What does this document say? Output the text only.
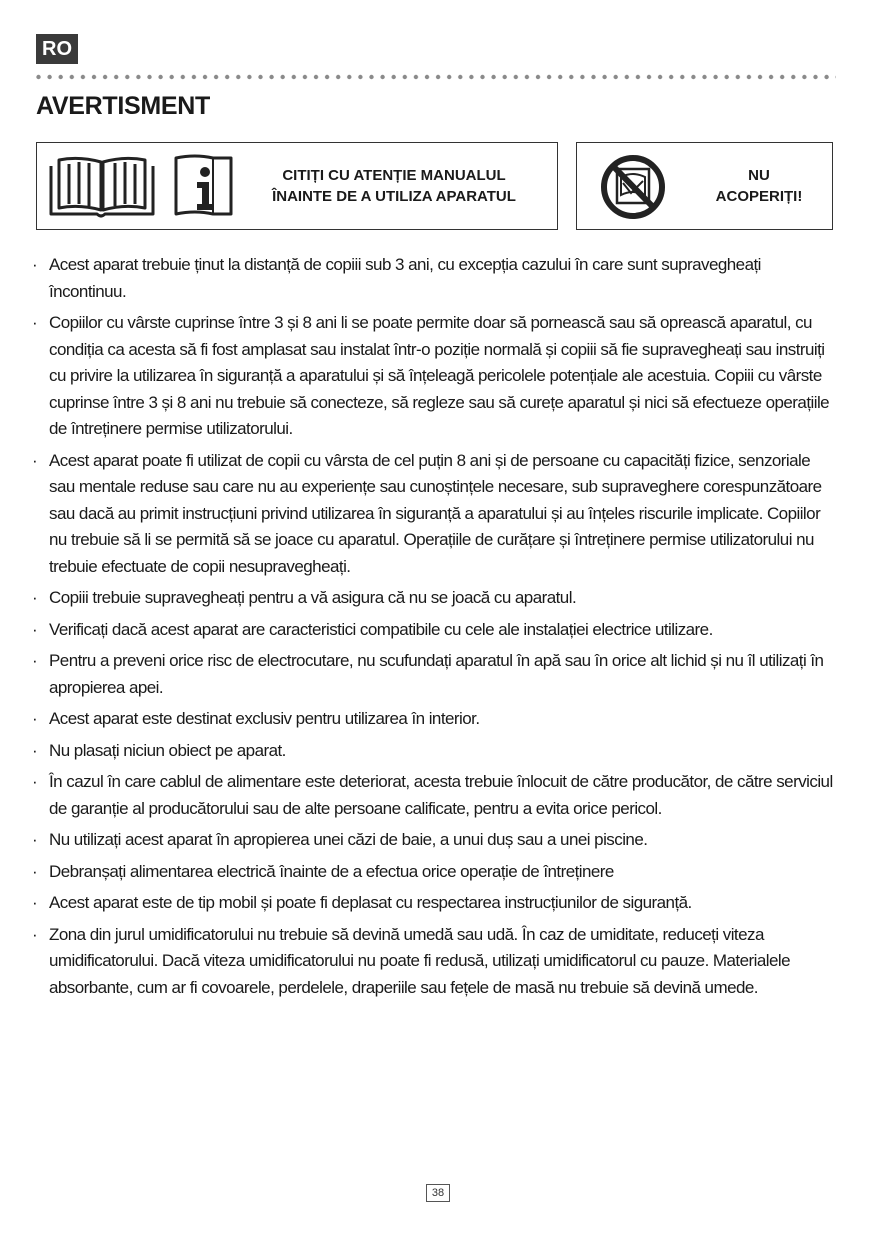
RO
AVERTISMENT
CITIȚI CU ATENȚIE MANUALUL
ÎNAINTE DE A UTILIZA APARATUL
NU
ACOPERIȚI!
· Acest aparat trebuie ținut la distanță de copiii sub 3 ani, cu excepția cazului în care sunt supravegheați încontinuu.
· Copiilor cu vârste cuprinse între 3 și 8 ani li se poate permite doar să pornească sau să oprească aparatul, cu condiția ca acesta să fi fost amplasat sau instalat într-o poziție normală și copiii să fie supravegheați sau instruiți cu privire la utilizarea în siguranță a aparatului și să înțeleagă pericolele potențiale ale acestuia. Copiii cu vârste cuprinse între 3 și 8 ani nu trebuie să conecteze, să regleze sau să curețe aparatul și nici să efectueze operațiile de întreținere permise utilizatorului.
· Acest aparat poate fi utilizat de copii cu vârsta de cel puțin 8 ani și de persoane cu capacități fizice, senzoriale sau mentale reduse sau care nu au experiențe sau cunoștințele necesare, sub supraveghere corespunzătoare sau dacă au primit instrucțiuni privind utilizarea în siguranță a aparatului și au înțeles riscurile implicate. Copiilor nu trebuie să li se permită să se joace cu aparatul. Operațiile de curățare și întreținere permise utilizatorului nu trebuie efectuate de copii nesupravegheați.
· Copiii trebuie supravegheați pentru a vă asigura că nu se joacă cu aparatul.
· Verificați dacă acest aparat are caracteristici compatibile cu cele ale instalației electrice utilizare.
· Pentru a preveni orice risc de electrocutare, nu scufundați aparatul în apă sau în orice alt lichid și nu îl utilizați în apropierea apei.
· Acest aparat este destinat exclusiv pentru utilizarea în interior.
· Nu plasați niciun obiect pe aparat.
· În cazul în care cablul de alimentare este deteriorat, acesta trebuie înlocuit de către producător, de către serviciul de garanție al producătorului sau de alte persoane calificate, pentru a evita orice pericol.
· Nu utilizați acest aparat în apropierea unei căzi de baie, a unui duș sau a unei piscine.
· Debranșați alimentarea electrică înainte de a efectua orice operație de întreținere
· Acest aparat este de tip mobil și poate fi deplasat cu respectarea instrucțiunilor de siguranță.
· Zona din jurul umidificatorului nu trebuie să devină umedă sau udă. În caz de umiditate, reduceți viteza umidificatorului. Dacă viteza umidificatorului nu poate fi redusă, utilizați umidificatorul cu pauze. Materialele absorbante, cum ar fi covoarele, perdelele, draperiile sau fețele de masă nu trebuie să devină umede.
38
